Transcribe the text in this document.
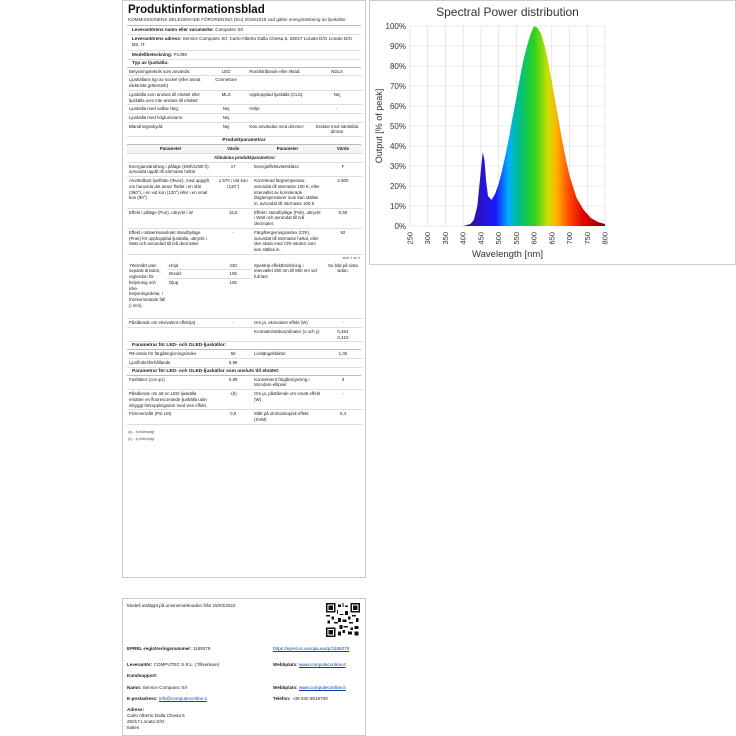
Spectral Power distribution
Output [% of peak]
Wavelength [nm]
0%
10%
20%
30%
40%
50%
60%
70%
80%
90%
100%
250 300 350 400 450 500 550 600 650 700 750 800
Produktinformationsblad
KOMMISSIONENS DELEGERADE FÖRORDNING (EU) 2019/2015 vad gäller energimärkning av ljuskällor
Leverantörens namn eller varumärke: Computec Srl
Leverantörens adress: Service Computec Srl, Carlo Alberto Dalla Chiesa 5, 25017 Lonato D/G Lonato D/G BS, IT
Modellbeteckning: P1496
Typ av ljuskälla:
Belysningsteknik som används:	LED	Rundstrålande eller riktad:	NDLS
Ljuskällans typ av sockel (eller annat elektriskt gränssnitt)	Connettore		
Ljuskälla som ansluts till elnätet eller ljuskälla som inte ansluts till elnätet:	MLS	Uppkopplad ljuskälla (CLS):	Nej
Ljuskälla med valbar färg:	Nej	Hölje:	-
Ljuskälla med högluminans:	Nej		
Bländningsskydd:	Nej	Kan användas med dimmer:	Endast med särskilda dimrar
Produktparametrar
Parameter	Värde	Parameter	Värde
Allmänna produktparametrar:			
Energianvändning i påläge (kWh/1000 h), avrundat uppåt till närmaste heltal	17	Energieffektivitetsklass	F
Användbart ljusflöde (Φuse), med uppgift om huruvida det avser flödet i en sfär (360°), i en vid kon (120°) eller i en smal kon (90°)	1 570 i Vid kon (120°)	Korrelerad färgtemperatur, avrundat till närmaste 100 K, eller intervallet av korrelerade färgtemperaturer som kan ställas in, avrundat till närmaste 100 K	2 600
Effekt i påläge (Pon), uttryckt i W	16,5	Effekt i standbyläge (Psb), uttryckt i Watt och avrundat till två decimaler.	0,50
Effekt i nätverksanslutet standbyläge (Pnet) för uppkopplad ljuskälla, uttryckt i Watt och avrundad till två decimaler.	-	Färgåtergivningsindex (CRI), avrundat till närmaste heltal, eller den skala med CRI-värden som kan ställas in.	92
sida 1 av 4
Yttermått utan separat drivdon, reglerdon för belysning och icke-belysningsdelar, i förekommande fall (i mm).	Höjd	220	Spektral effektfördelning i intervallet 250 nm till 800 nm vid full last	Se bild på sista sidan.
	Bredd	105		
	Djup	105		
Påstående om ekvivalent effekt(a)		-	Om ja, ekvivalent effekt (W)	-
			Kromaticitetskoordinater (x och y)	0,464
0,410
Parametrar för LED- och OLED-ljuskällor:
R9-värde för färgåtergivningsindex	56	Livslängdsfaktor	1,00
Ljusflödesförhållande	0,96		
Parametrar för LED- och OLED-ljuskällor som ansluts till elnätet:
Fasfaktor (cos φ1)	0,89	Konsekvent färgåtergivning i McAdam-ellipser	3
Påstående om att en LED-ljuskälla ersätter en fluorescerande ljuskälla utan inbyggt förkopplingsdon med viss effekt.	-(b)	Om ja, påstående om ersatt effekt (W)	-
Flimmermått (Pst LM)	0,9	Mått på stroboskopisk effekt (SVM)	0,4
(a) - ej tillämpligt
(b) - ej tillämpligt
Modell utsläppt på unionsmarknaden från 15/03/2022
EPREL-registreringsnummer: 1169279	https://eprel.ec.europa.eu/qr/1169279
Leverantör: COMPUTEC S.R.L. (Tillverkare)	Webbplats: www.computeconline.it
Kundsupport:
Namn: Service Computec Srl	Webbplats: www.computeconline.it
E-postadress: info@computeconline.it	Telefon: +39 030 9919700
Adress:
Carlo Alberto Dalla Chiesa 5
25017 Lonato D/G
Italien
